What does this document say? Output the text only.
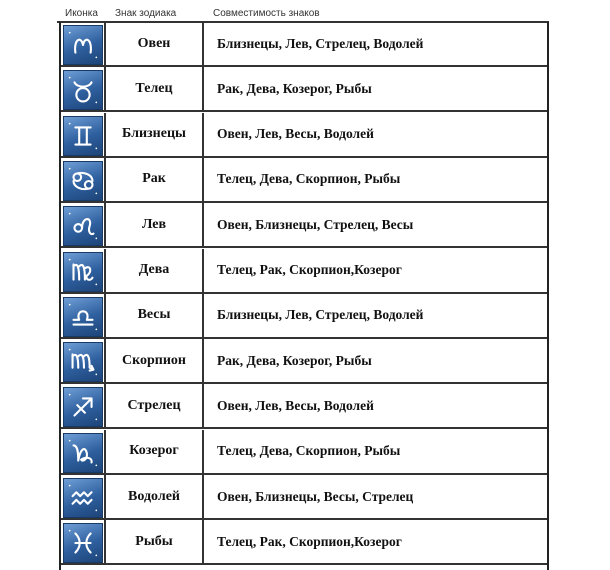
Иконка Знак зодиака	Совместимость знаков
Овен	Близнецы, Лев, Стрелец, Водолей
Телец	Рак, Дева, Козерог, Рыбы
Близнецы	Овен, Лев, Весы, Водолей
Рак	Телец, Дева, Скорпион, Рыбы
Лев	Овен, Близнецы, Стрелец, Весы
Дева	Телец, Рак, Скорпион,Козерог
Весы	Близнецы, Лев, Стрелец, Водолей
Скорпион	Рак, Дева, Козерог, Рыбы
Стрелец	Овен, Лев, Весы, Водолей
Козерог	Телец, Дева, Скорпион, Рыбы
Водолей	Овен, Близнецы, Весы, Стрелец
Рыбы	Телец, Рак, Скорпион,Козерог
